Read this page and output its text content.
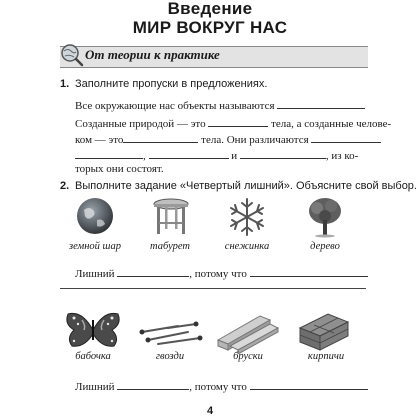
Введение
МИР ВОКРУГ НАС
От теории к практике
1. Заполните пропуски в предложениях.
Все окружающие нас объекты называются
Созданные природой — это	тела, а созданные челове-
ком — это	тела. Они различаются
,	и	, из ко-
торых они состоят.
2. Выполните задание «Четвертый лишний». Объясните свой выбор.
земной шар	табурет	снежинка	дерево
Лишний	, потому что
бабочка	гвозди	бруски	кирпичи
Лишний	, потому что
4
